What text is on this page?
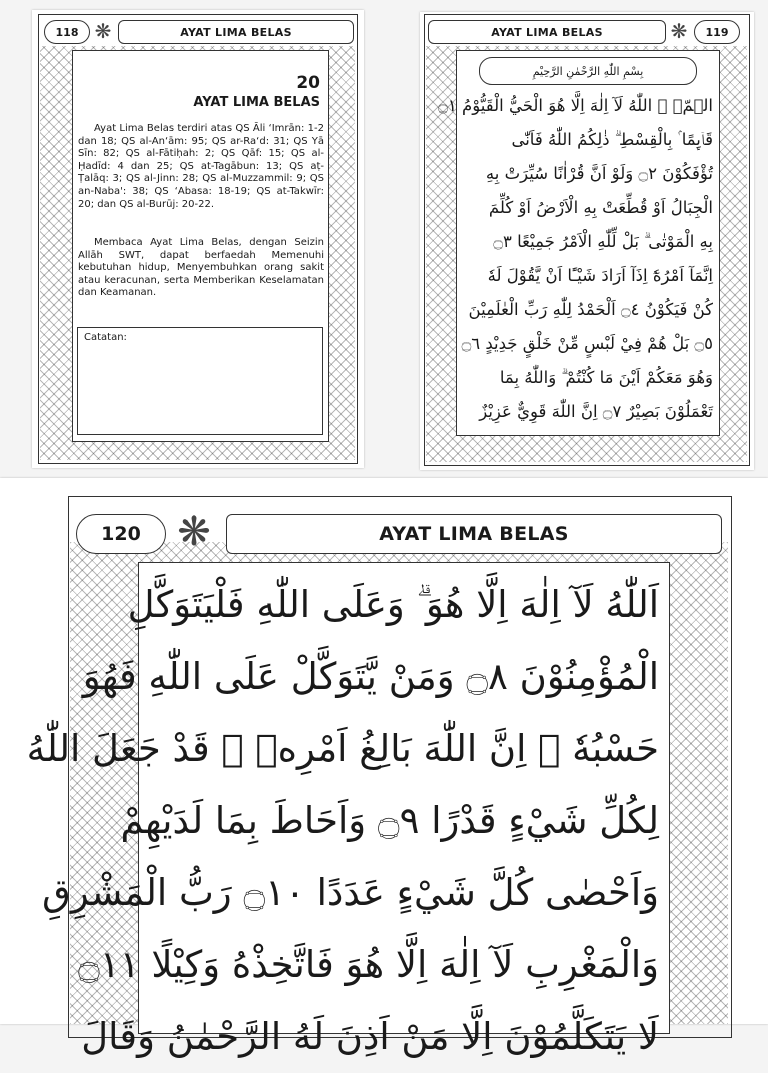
118 ❋	AYAT LIMA BELAS
20
AYAT LIMA BELAS

Ayat Lima Belas terdiri atas QS Āli ‘Imrān: 1-2 dan 18; QS al-An‘ām: 95; QS ar-Ra‘d: 31; QS Yā Sīn: 82; QS al-Fātiḥah: 2; QS Qāf: 15; QS al-Ḥadīd: 4 dan 25; QS at-Tagābun: 13; QS aṭ-Ṭalāq: 3; QS al-Jinn: 28; QS al-Muzzammil: 9; QS an-Naba': 38; QS ‘Abasa: 18-19; QS at-Takwīr: 20; dan QS al-Burūj: 20-22.

Membaca Ayat Lima Belas, dengan Seizin Allāh SWT, dapat berfaedah Memenuhi kebutuhan hidup, Menyembuhkan orang sakit atau keracunan, serta Memberikan Keselamatan dan Keamanan.

Catatan:
AYAT LIMA BELAS	❋	119
بِسْمِ اللّٰهِ الرَّحْمٰنِ الرَّحِيْمِ
الۤمّۤ ۚ اللّٰهُ لَآ اِلٰهَ اِلَّا هُوَ الْحَيُّ الْقَيُّوْمُ ۝١
قَاۤىِٕمًا ۢ بِالْقِسْطِ ۗ ذٰلِكُمُ اللّٰهُ فَاَنّٰى
تُؤْفَكُوْنَ ۝٢ وَلَوْ اَنَّ قُرْاٰنًا سُيِّرَتْ بِهِ
الْجِبَالُ اَوْ قُطِّعَتْ بِهِ الْاَرْضُ اَوْ كُلِّمَ
بِهِ الْمَوْتٰى ۗ بَلْ لِّلّٰهِ الْاَمْرُ جَمِيْعًا ۝٣
اِنَّمَآ اَمْرُهٗٓ اِذَآ اَرَادَ شَيْـًٔا اَنْ يَّقُوْلَ لَهٗ
كُنْ فَيَكُوْنُ ۝٤ اَلْحَمْدُ لِلّٰهِ رَبِّ الْعٰلَمِيْنَ
۝٥ بَلْ هُمْ فِيْ لَبْسٍ مِّنْ خَلْقٍ جَدِيْدٍ ۝٦
وَهُوَ مَعَكُمْ اَيْنَ مَا كُنْتُمْ ۗ وَاللّٰهُ بِمَا
تَعْمَلُوْنَ بَصِيْرٌ ۝٧ اِنَّ اللّٰهَ قَوِيٌّ عَزِيْزٌ
120 ❋	AYAT LIMA BELAS
اَللّٰهُ لَآ اِلٰهَ اِلَّا هُوَ ۗ وَعَلَى اللّٰهِ فَلْيَتَوَكَّلِ
الْمُؤْمِنُوْنَ ۝٨ وَمَنْ يَّتَوَكَّلْ عَلَى اللّٰهِ فَهُوَ
حَسْبُهٗ ۗ اِنَّ اللّٰهَ بَالِغُ اَمْرِهٖ ۗ قَدْ جَعَلَ اللّٰهُ
لِكُلِّ شَيْءٍ قَدْرًا ۝٩ وَاَحَاطَ بِمَا لَدَيْهِمْ
وَاَحْصٰى كُلَّ شَيْءٍ عَدَدًا ۝١٠ رَبُّ الْمَشْرِقِ
وَالْمَغْرِبِ لَآ اِلٰهَ اِلَّا هُوَ فَاتَّخِذْهُ وَكِيْلًا ۝١١
لَا يَتَكَلَّمُوْنَ اِلَّا مَنْ اَذِنَ لَهُ الرَّحْمٰنُ وَقَالَ
